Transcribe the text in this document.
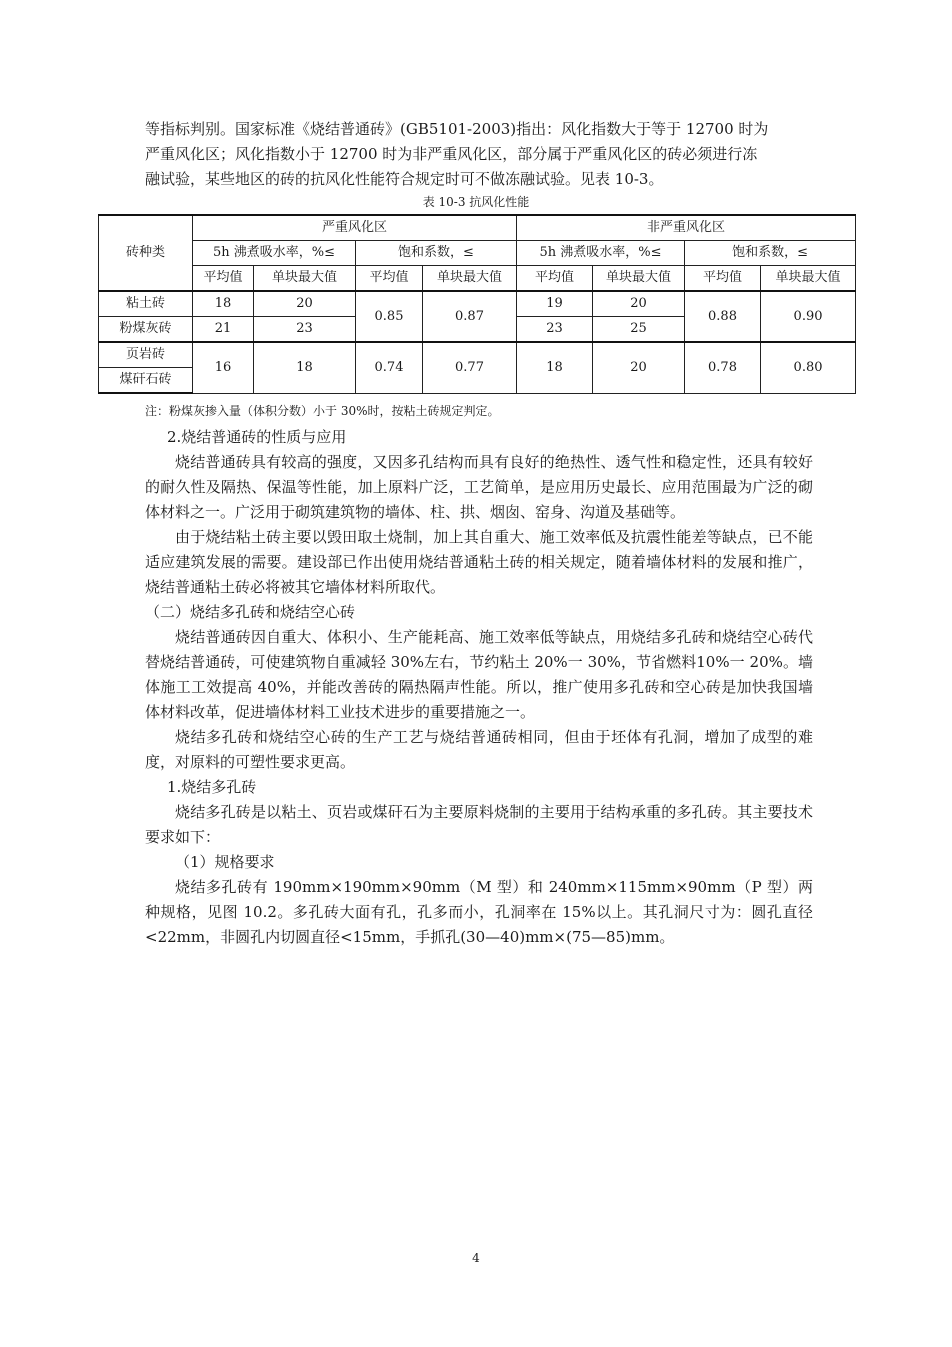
等指标判别。国家标准《烧结普通砖》(GB5101-2003)指出：风化指数大于等于 12700 时为
严重风化区；风化指数小于 12700 时为非严重风化区，部分属于严重风化区的砖必须进行冻
融试验，某些地区的砖的抗风化性能符合规定时可不做冻融试验。见表 10-3。
表 10-3 抗风化性能
砖种类	严重风化区				非严重风化区			
	5h 沸煮吸水率，%≤		饱和系数，≤		5h 沸煮吸水率，%≤		饱和系数，≤	
	平均值	单块最大值	平均值	单块最大值	平均值	单块最大值	平均值	单块最大值
粘土砖	18	20	0.85	0.87	19	20	0.88	0.90
粉煤灰砖	21	23			23	25		
页岩砖	16	18	0.74	0.77	18	20	0.78	0.80
煤矸石砖								
注：粉煤灰掺入量（体积分数）小于 30%时，按粘土砖规定判定。

2.烧结普通砖的性质与应用

烧结普通砖具有较高的强度，又因多孔结构而具有良好的绝热性、透气性和稳定性，还具有较好的耐久性及隔热、保温等性能，加上原料广泛，工艺简单，是应用历史最长、应用范围最为广泛的砌体材料之一。广泛用于砌筑建筑物的墙体、柱、拱、烟囱、窑身、沟道及基础等。

由于烧结粘土砖主要以毁田取土烧制，加上其自重大、施工效率低及抗震性能差等缺点，已不能适应建筑发展的需要。建设部已作出使用烧结普通粘土砖的相关规定，随着墙体材料的发展和推广，烧结普通粘土砖必将被其它墙体材料所取代。

（二）烧结多孔砖和烧结空心砖

烧结普通砖因自重大、体积小、生产能耗高、施工效率低等缺点，用烧结多孔砖和烧结空心砖代替烧结普通砖，可使建筑物自重减轻 30%左右，节约粘土 20%一 30%，节省燃料10%一 20%。墙体施工工效提高 40%，并能改善砖的隔热隔声性能。所以，推广使用多孔砖和空心砖是加快我国墙体材料改革，促进墙体材料工业技术进步的重要措施之一。

烧结多孔砖和烧结空心砖的生产工艺与烧结普通砖相同，但由于坯体有孔洞，增加了成型的难度，对原料的可塑性要求更高。

1.烧结多孔砖

烧结多孔砖是以粘土、页岩或煤矸石为主要原料烧制的主要用于结构承重的多孔砖。其主要技术要求如下：

（1）规格要求

烧结多孔砖有 190mm×190mm×90mm（M 型）和 240mm×115mm×90mm（P 型）两种规格，见图 10.2。多孔砖大面有孔，孔多而小，孔洞率在 15%以上。其孔洞尺寸为：圆孔直径<22mm，非圆孔内切圆直径<15mm，手抓孔(30—40)mm×(75—85)mm。

4
